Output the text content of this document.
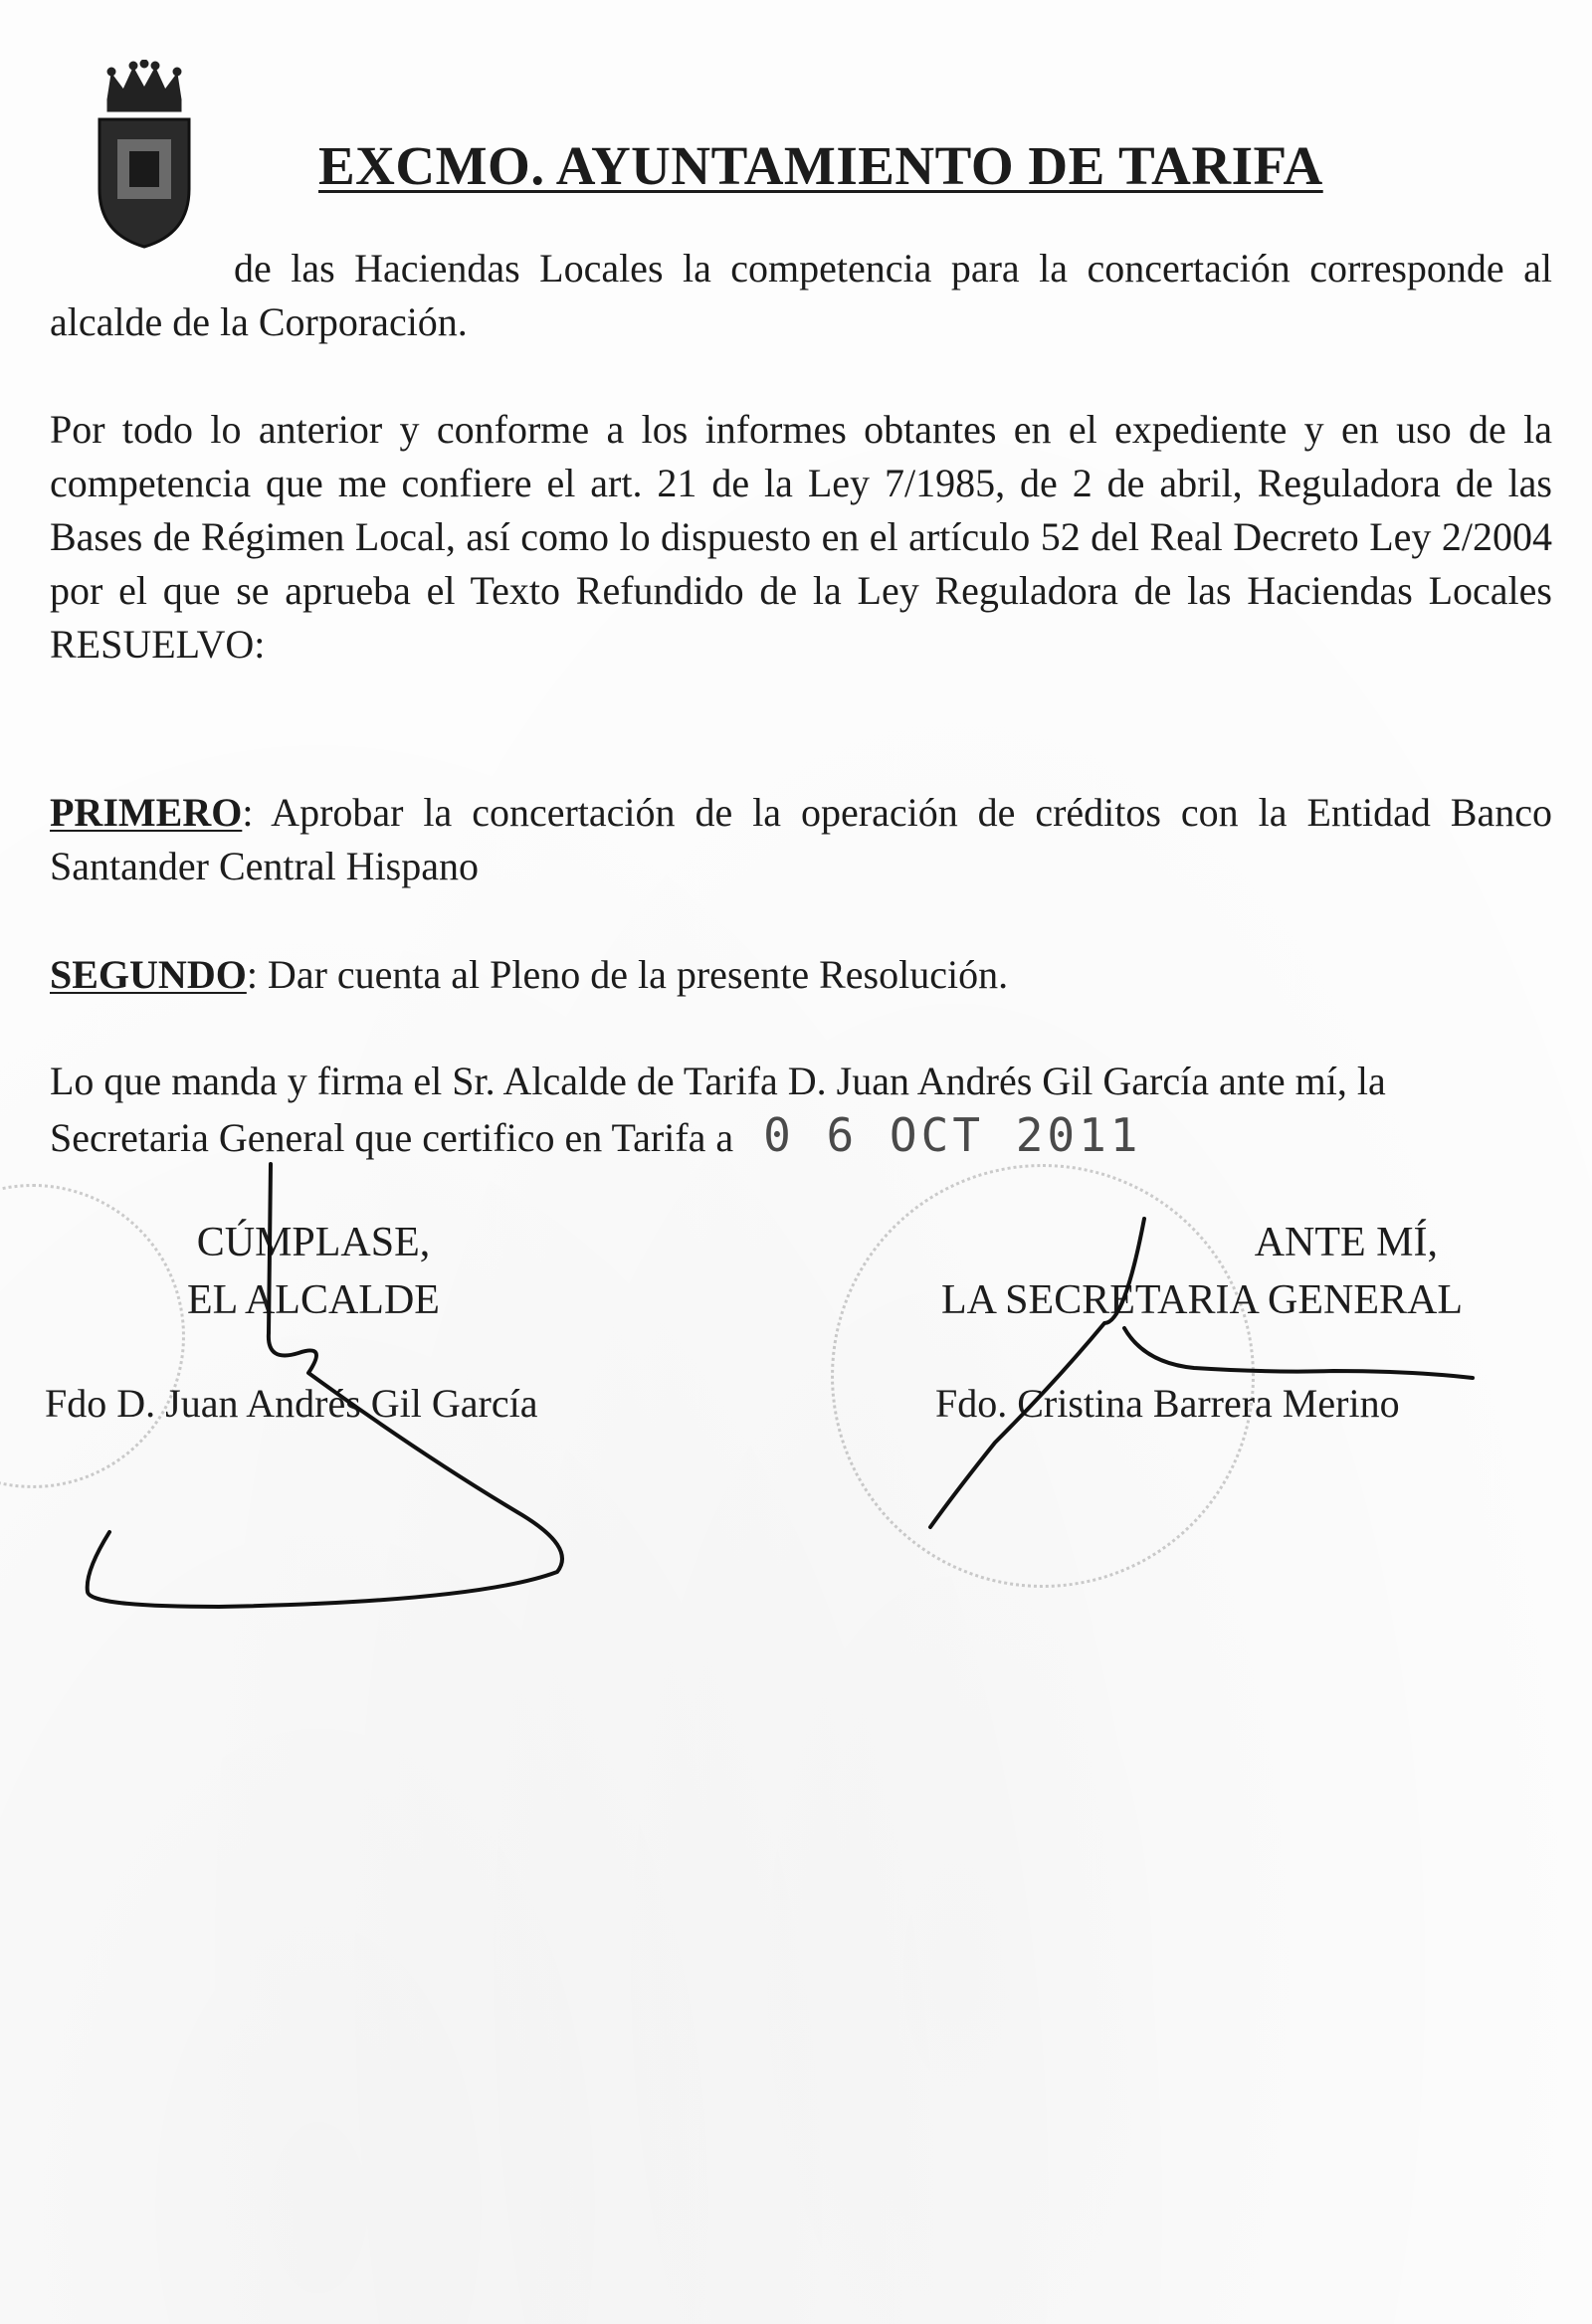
EXCMO. AYUNTAMIENTO DE TARIFA
de las Haciendas Locales la competencia para la concertación corresponde al alcalde de la Corporación.
Por todo lo anterior y conforme a los informes obtantes en el expediente y en uso de la competencia que me confiere el art. 21 de la Ley 7/1985, de 2 de abril, Reguladora de las Bases de Régimen Local, así como lo dispuesto en el artículo 52 del Real Decreto Ley 2/2004 por el que se aprueba el Texto Refundido de la Ley Reguladora de las Haciendas Locales RESUELVO:
PRIMERO: Aprobar la concertación de la operación de créditos con la Entidad Banco Santander Central Hispano
SEGUNDO: Dar cuenta al Pleno de la presente Resolución.
Lo que manda y firma el Sr. Alcalde de Tarifa D. Juan Andrés Gil García ante mí, la Secretaria General que certifico en Tarifa a 0 6 OCT 2011
CÚMPLASE,
EL ALCALDE
ANTE MÍ,
LA SECRETARIA GENERAL
Fdo D. Juan Andrés Gil García	Fdo. Cristina Barrera Merino
